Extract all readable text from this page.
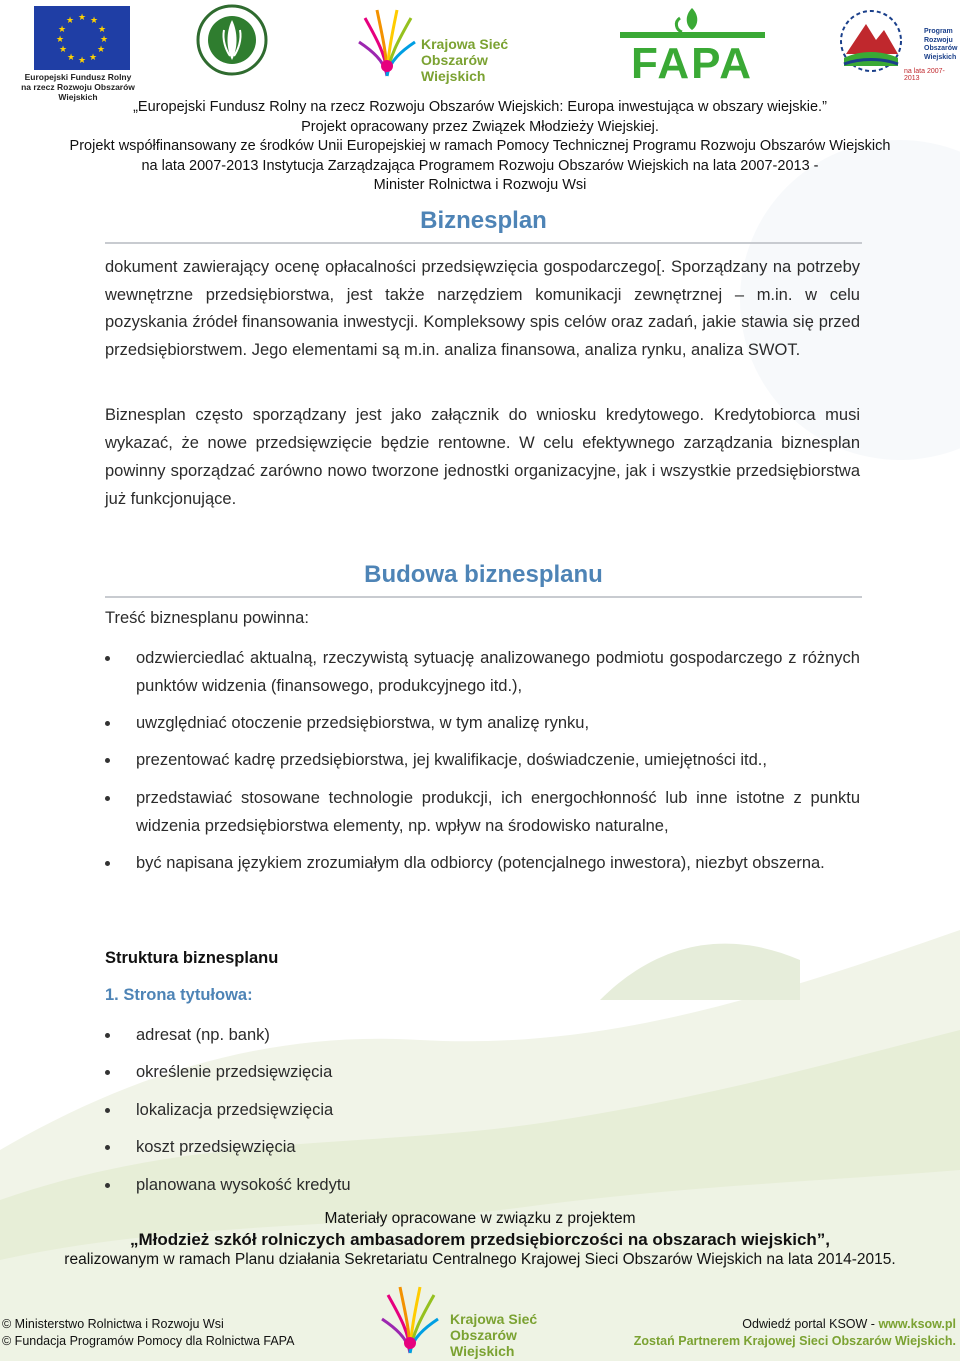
★ ★
★
★
★
★
★
★
★
★
★
★
Europejski Fundusz Rolny
na rzecz Rozwoju Obszarów Wiejskich
Krajowa Sieć
Obszarów Wiejskich	FAPA
Program
Rozwoju
Obszarów
Wiejskich
na lata 2007-2013
„Europejski Fundusz Rolny na rzecz Rozwoju Obszarów Wiejskich: Europa inwestująca w obszary wiejskie.”
Projekt opracowany przez Związek Młodzieży Wiejskiej.
Projekt współfinansowany ze środków Unii Europejskiej w ramach Pomocy Technicznej Programu Rozwoju Obszarów Wiejskich
na lata 2007-2013 Instytucja Zarządzająca Programem Rozwoju Obszarów Wiejskich na lata 2007-2013 -
Minister Rolnictwa i Rozwoju Wsi
Biznesplan
dokument zawierający ocenę opłacalności przedsięwzięcia gospodarczego[. Sporządzany na potrzeby wewnętrzne przedsiębiorstwa, jest także narzędziem komunikacji zewnętrznej – m.in. w celu pozyskania źródeł finansowania inwestycji. Kompleksowy spis celów oraz zadań, jakie stawia się przed przedsiębiorstwem. Jego elementami są m.in. analiza finansowa, analiza rynku, analiza SWOT.
Biznesplan często sporządzany jest jako załącznik do wniosku kredytowego. Kredytobiorca musi wykazać, że nowe przedsięwzięcie będzie rentowne. W celu efektywnego zarządzania biznesplan powinny sporządzać zarówno nowo tworzone jednostki organizacyjne, jak i wszystkie przedsiębiorstwa już funkcjonujące.
Budowa biznesplanu
Treść biznesplanu powinna:
odzwierciedlać aktualną, rzeczywistą sytuację analizowanego podmiotu gospodarczego z różnych punktów widzenia (finansowego, produkcyjnego itd.),
uwzględniać otoczenie przedsiębiorstwa, w tym analizę rynku,
prezentować kadrę przedsiębiorstwa, jej kwalifikacje, doświadczenie, umiejętności itd.,
przedstawiać stosowane technologie produkcji, ich energochłonność lub inne istotne z punktu widzenia przedsiębiorstwa elementy, np. wpływ na środowisko naturalne,
być napisana językiem zrozumiałym dla odbiorcy (potencjalnego inwestora), niezbyt obszerna.
Struktura biznesplanu
1. Strona tytułowa:
adresat (np. bank)
określenie przedsięwzięcia
lokalizacja przedsięwzięcia
koszt przedsięwzięcia
planowana wysokość kredytu
Materiały opracowane w związku z projektem
„Młodzież szkół rolniczych ambasadorem przedsiębiorczości na obszarach wiejskich”,
realizowanym w ramach Planu działania Sekretariatu Centralnego Krajowej Sieci Obszarów Wiejskich na lata 2014-2015.
© Ministerstwo Rolnictwa i Rozwoju Wsi
© Fundacja Programów Pomocy dla Rolnictwa FAPA
Krajowa Sieć
Obszarów Wiejskich
Odwiedź portal KSOW - www.ksow.pl
Zostań Partnerem Krajowej Sieci Obszarów Wiejskich.
